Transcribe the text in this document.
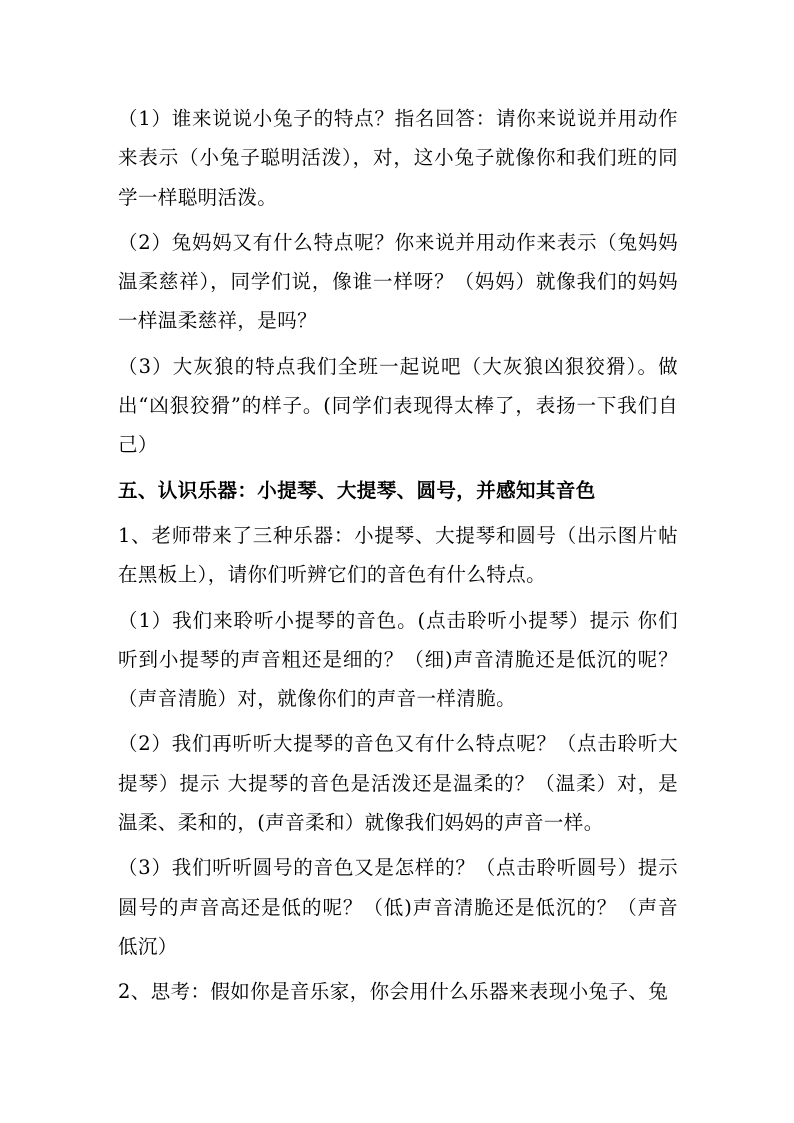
（1）谁来说说小兔子的特点？指名回答：请你来说说并用动作来表示（小兔子聪明活泼），对，这小兔子就像你和我们班的同学一样聪明活泼。

（2）兔妈妈又有什么特点呢？你来说并用动作来表示（兔妈妈温柔慈祥），同学们说，像谁一样呀？（妈妈）就像我们的妈妈一样温柔慈祥，是吗？

（3）大灰狼的特点我们全班一起说吧（大灰狼凶狠狡猾）。做出“凶狠狡猾”的样子。(同学们表现得太棒了，表扬一下我们自己）

五、认识乐器：小提琴、大提琴、圆号，并感知其音色

1、老师带来了三种乐器：小提琴、大提琴和圆号（出示图片帖在黑板上），请你们听辨它们的音色有什么特点。

（1）我们来聆听小提琴的音色。(点击聆听小提琴）提示 你们听到小提琴的声音粗还是细的？（细)声音清脆还是低沉的呢？（声音清脆）对，就像你们的声音一样清脆。

（2）我们再听听大提琴的音色又有什么特点呢？（点击聆听大提琴）提示 大提琴的音色是活泼还是温柔的？（温柔）对，是温柔、柔和的，(声音柔和）就像我们妈妈的声音一样。

（3）我们听听圆号的音色又是怎样的？（点击聆听圆号）提示 圆号的声音高还是低的呢？（低)声音清脆还是低沉的？（声音低沉）

2、思考：假如你是音乐家，你会用什么乐器来表现小兔子、兔
